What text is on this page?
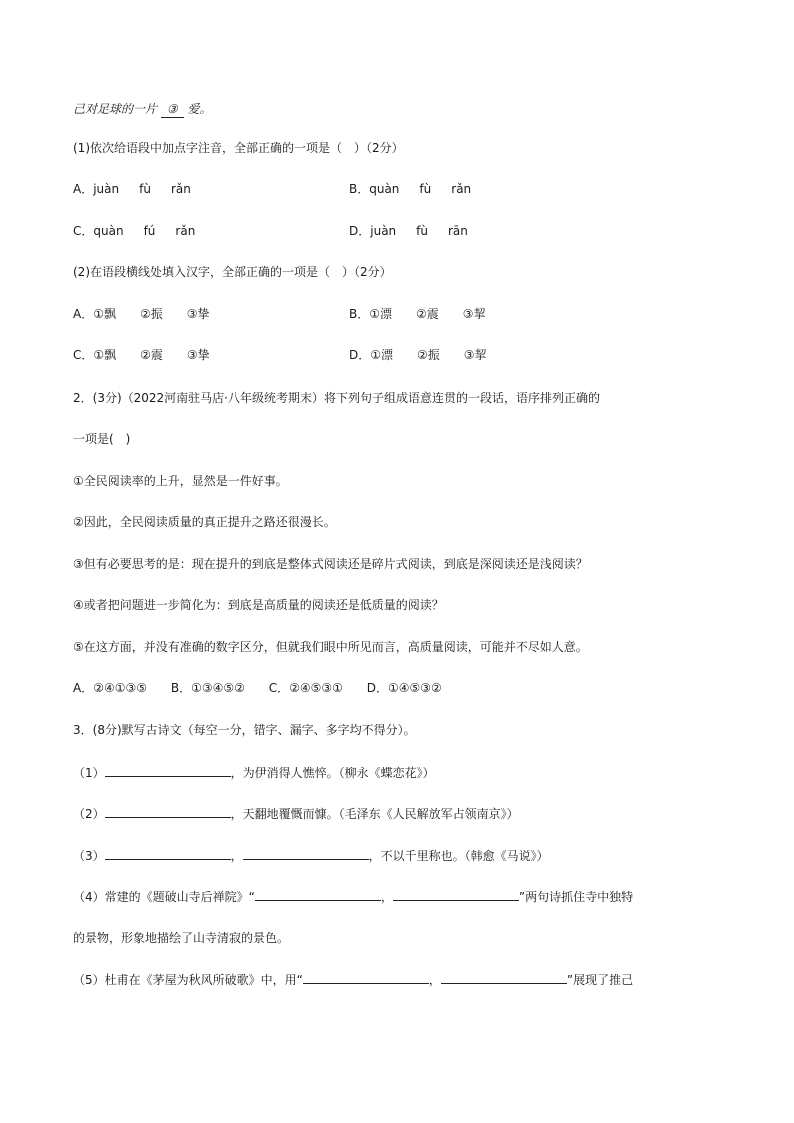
己对足球的一片 ③ 爱。
(1)依次给语段中加点字注音，全部正确的一项是（　）（2分）
A．juàn fù rǎn	B．quàn fù rǎn
C．quàn fú rǎn	D．juàn fù rān
(2)在语段横线处填入汉字，全部正确的一项是（　）（2分）
A．①飘 ②振 ③挚	B．①漂 ②震 ③挈
C．①飘 ②震 ③挚	D．①漂 ②振 ③挈
2．(3分)（2022河南驻马店·八年级统考期末）将下列句子组成语意连贯的一段话，语序排列正确的
一项是(　)
①全民阅读率的上升，显然是一件好事。
②因此，全民阅读质量的真正提升之路还很漫长。
③但有必要思考的是：现在提升的到底是整体式阅读还是碎片式阅读，到底是深阅读还是浅阅读？
④或者把问题进一步简化为：到底是高质量的阅读还是低质量的阅读？
⑤在这方面，并没有准确的数字区分，但就我们眼中所见而言，高质量阅读，可能并不尽如人意。
A．②④①③⑤ B．①③④⑤② C．②④⑤③① D．①④⑤③②
3．(8分)默写古诗文（每空一分，错字、漏字、多字均不得分）。
（1）	，为伊消得人憔悴。（柳永《蝶恋花》）
（2）	，天翻地覆慨而慷。（毛泽东《人民解放军占领南京》）
（3）	，	，不以千里称也。（韩愈《马说》）
（4）常建的《题破山寺后禅院》“	，	”两句诗抓住寺中独特
的景物，形象地描绘了山寺清寂的景色。
（5）杜甫在《茅屋为秋风所破歌》中，用“	，	”展现了推己
